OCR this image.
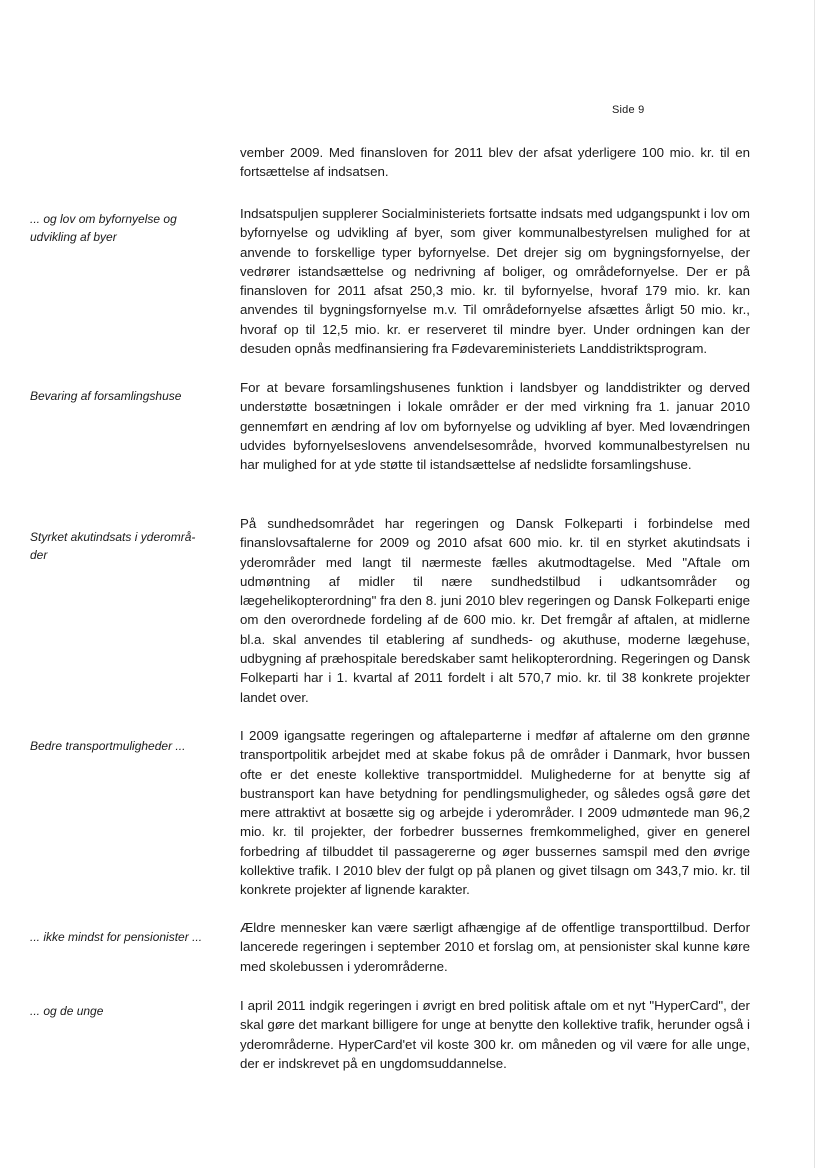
Side 9
vember 2009. Med finansloven for 2011 blev der afsat yderligere 100 mio. kr. til en fortsættelse af indsatsen.
... og lov om byfornyelse og udvikling af byer
Indsatspuljen supplerer Socialministeriets fortsatte indsats med udgangspunkt i lov om byfornyelse og udvikling af byer, som giver kommunalbestyrelsen mulighed for at anvende to forskellige typer byfornyelse. Det drejer sig om bygningsfornyelse, der vedrører istandsættelse og nedrivning af boliger, og områdefornyelse. Der er på finansloven for 2011 afsat 250,3 mio. kr. til byfornyelse, hvoraf 179 mio. kr. kan anvendes til bygningsfornyelse m.v. Til områdefornyelse afsættes årligt 50 mio. kr., hvoraf op til 12,5 mio. kr. er reserveret til mindre byer. Under ordningen kan der desuden opnås medfinansiering fra Fødevareministeriets Landdistriktsprogram.
Bevaring af forsamlingshuse
For at bevare forsamlingshusenes funktion i landsbyer og landdistrikter og derved understøtte bosætningen i lokale områder er der med virkning fra 1. januar 2010 gennemført en ændring af lov om byfornyelse og udvikling af byer. Med lovændringen udvides byfornyelseslovens anvendelsesområde, hvorved kommunalbestyrelsen nu har mulighed for at yde støtte til istandsættelse af nedslidte forsamlingshuse.
Styrket akutindsats i yderområ-der
På sundhedsområdet har regeringen og Dansk Folkeparti i forbindelse med finanslovsaftalerne for 2009 og 2010 afsat 600 mio. kr. til en styrket akutindsats i yderområder med langt til nærmeste fælles akutmodtagelse. Med "Aftale om udmøntning af midler til nære sundhedstilbud i udkantsområder og lægehelikopterordning" fra den 8. juni 2010 blev regeringen og Dansk Folkeparti enige om den overordnede fordeling af de 600 mio. kr. Det fremgår af aftalen, at midlerne bl.a. skal anvendes til etablering af sundheds- og akuthuse, moderne lægehuse, udbygning af præhospitale beredskaber samt helikopterordning. Regeringen og Dansk Folkeparti har i 1. kvartal af 2011 fordelt i alt 570,7 mio. kr. til 38 konkrete projekter landet over.
Bedre transportmuligheder ...
I 2009 igangsatte regeringen og aftaleparterne i medfør af aftalerne om den grønne transportpolitik arbejdet med at skabe fokus på de områder i Danmark, hvor bussen ofte er det eneste kollektive transportmiddel. Mulighederne for at benytte sig af bustransport kan have betydning for pendlingsmuligheder, og således også gøre det mere attraktivt at bosætte sig og arbejde i yderområder. I 2009 udmøntede man 96,2 mio. kr. til projekter, der forbedrer bussernes fremkommelighed, giver en generel forbedring af tilbuddet til passagererne og øger bussernes samspil med den øvrige kollektive trafik. I 2010 blev der fulgt op på planen og givet tilsagn om 343,7 mio. kr. til konkrete projekter af lignende karakter.
... ikke mindst for pensionister ...
Ældre mennesker kan være særligt afhængige af de offentlige transporttilbud. Derfor lancerede regeringen i september 2010 et forslag om, at pensionister skal kunne køre med skolebussen i yderområderne.
... og de unge	I april 2011 indgik regeringen i øvrigt en bred politisk aftale om et nyt "HyperCard", der skal gøre det markant billigere for unge at benytte den kollektive trafik, herunder også i yderområderne. HyperCard'et vil koste 300 kr. om måneden og vil være for alle unge, der er indskrevet på en ungdomsuddannelse.
